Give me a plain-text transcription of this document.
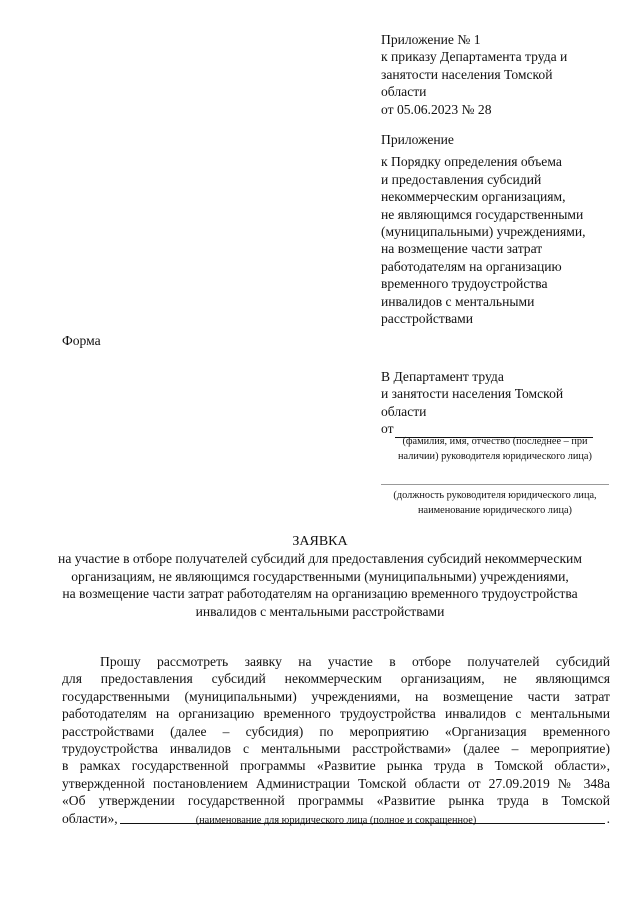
Приложение № 1
к приказу Департамента труда и
занятости населения Томской
области
от 05.06.2023 № 28
Приложение
к Порядку определения объема
и предоставления субсидий
некоммерческим организациям,
не являющимся государственными
(муниципальными) учреждениями,
на возмещение части затрат
работодателям на организацию
временного трудоустройства
инвалидов с ментальными
расстройствами
Форма
В Департамент труда
и занятости населения Томской
области
от
(фамилия, имя, отчество (последнее – при
наличии) руководителя юридического лица)
(должность руководителя юридического лица,
наименование юридического лица)
ЗАЯВКА
на участие в отборе получателей субсидий для предоставления субсидий некоммерческим
организациям, не являющимся государственными (муниципальными) учреждениями,
на возмещение части затрат работодателям на организацию временного трудоустройства
инвалидов с ментальными расстройствами
Прошу рассмотреть заявку на участие в отборе получателей субсидий
для предоставления субсидий некоммерческим организациям, не являющимся
государственными (муниципальными) учреждениями, на возмещение части затрат
работодателям на организацию временного трудоустройства инвалидов с ментальными
расстройствами (далее – субсидия) по мероприятию «Организация временного
трудоустройства инвалидов с ментальными расстройствами» (далее – мероприятие)
в рамках государственной программы «Развитие рынка труда в Томской области»,
утвержденной постановлением Администрации Томской области от 27.09.2019 № 348а
«Об утверждении государственной программы «Развитие рынка труда в Томской
области»,	.
(наименование для юридического лица (полное и сокращенное)
